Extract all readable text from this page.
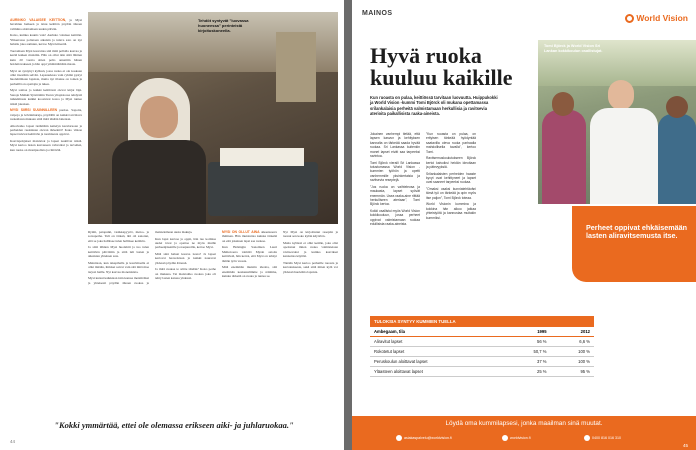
AURINKO VALAISEE KEITTIÖN, ja Mysi havahtuu hetkeen ja istuu keittiön pöydän ääreen valmiina aloittamaan uuden päivän.

Katso, kuinka kaunis valo! Aurinko valaisee keittiön. Ylikerrassa poltetaan aikaisin ja tuleva sato on nyt haluttu joka aamuun, kertoo Mysi kiireettä.

Tuotamaan Mysi kasvattaa sitä mitä pellolla kasvaa ja kerää kaiken muistiin. Hän on ollut niin siitä lähtien kuin 20 vuotta sitten pelto annettiin hänen hoidettavakseen ja hän oppi ymmärtämään maata.

Mysi on syntynyt kylässä, jossa ruoka ei ole koskaan ollut itsestään selvää. Lapsuudessa vain ryhmä pystyi huolehtimaan lapsista, mutta nyt tilanne on toinen ja perheillä on opettajia ja tukea.

Mysi soittaa jo kaikki keittiössä olevat kirjat läpi. Sanoja Malkki Sjöströmin Turun yliopistossa tehdystä tutkielmasta kaikki koostuvat kotoa ja Mysi tuntee niistä jokaisen.

MYSI SIIRSI SUUNNILLEEN puolaa. Sapoita, vaipoja ja leivänmuruja, pöydällä on kaikki tarvittava ruokalistan mukaan siitä mitä tänään laitetaan.

Alkoivatko lapset tietämään keitetyn kasvisruoan ja perheiden ruokinnan olevan tärkeintä? Koko viikon lapset tulevat keittiöön ja tuomisesta oppivat.

Kasvispohjaiset maistuvat ja lapset nauttivat niistä. Mysi kertoo lasten kasvaneen vahvoiksi ja terveiksi, kun ruoka on monipuolista ja riittävää.

Tehdöt syntyvät "luovassa huoneessa" perinteistä kirjoituskoneella.

Rytmi, pataputki, vasikkapyyrtö, metso- ja sorsaperhe. Tuli on tärkeä, äiti oli sanonut, että se joka hallitsee tulen hallitsee keittiön.

Ja siitä lähtien Mysi huolehtii ja tuo tulen keittiöön päivittäin ja siitä tuli lasten ja aikuisten yhteinen asia.

Mainitaan, kun takapihalla ja kasvimaalla ei ollut mitään, ihmiset saivat vain sitä mitä maa tarjosi heille. Nyt kasvaa monenlaista.

Mysi kutsui kaikkiaan isän kanssa mentäväksi ja yhteisesti pöydän ääreen ruokaa ja maistelemaan uusia makuja.

Kun lapsi kasvaa ja oppii, hän tuo kotiinsa uudet tavat ja opettaa ne myös muille perheenjäsenille ja naapureille, kertoo Mysi.

Mitä sinä haluat kasvaa isona? Ja lapset kertovat haaveistaan ja kaikki nauravat yhdessä pöydän ääressä.

Ja mitä ruokaa te söitte tänään? Koko perhe on mukana. Tai maistoitko ruokaa joka oli tehty lasten kanssa yhdessä.

MYSI ON OLLUT AINA aikaansaava ihminen. Hän muistuttaa kuinka tärkeää on että jokainen lapsi saa ruokaa.

Kun Helsingin Sanomien Lauri Malkavaara toimitti Mysin asioita keittiöstä, hän kertoi, että Mysi on tehnyt tämän työn vuosia.

Mitä enemmän muistin ideoita, sitä enemmän keskustelimme ja näimme, kuinka tärkeää on ruoka ja tuntea se.

Nyt Mysi on kirjoittanut reseptin ja tuonut sen koko kylän käyttöön.

Mutta kylässä ei ollut ketään, joka olisi opettanut miten ruoka valmistetaan ravitsevaksi ja kuinka kasvikset kannattaa käyttää.

Tänään Mysi kertoo perheille ruoasta ja kasvatuksesta, sekä siitä miten kylä voi yhdessä huolehtia lapsista.

"Kokki ymmärtää, ettei ole olemassa erikseen aiki- ja juhlaruokaa."
44
MAINOS	World Vision
Hyvä ruoka kuuluu kaikille
Kun ruoasta on pulaa, keittiössä tarvitaan luovuutta. Huippukokki ja World Vision -kummi Tomi Björck oli mukana opettamassa srilankalaisia perheitä valmistamaan herkullisia ja ravitsevia aterioita paikallisista raaka-aineista.
Tomi Björck ja World Vision Sri Lankan kokkikoulun osallistujat.

Jokainen vanhempi tietää, että lapsen kasvun ja kehityksen kannalta on tärkeää saada hyvää ruokaa. Sri Lankassa kuitenkin monet lapset eivät saa tarpeeksi ravintoa.

Tomi Björck vieraili Sri Lankassa tutustumassa World Vision -kummien työhön ja opetti vanhemmille yksinkertaisia ja ravitsevia reseptejä.

"Jos ruoka on vaihtelevaa ja maukasta, lapset syövät enemmän. Usea raaka-aine riittää herkulliseen ateriaan", Tomi Björck kertoo.

Kokki osallistui myös World Vision kokkikouluun, jossa perheet oppivat valmistamaan ruokaa edullisista raaka-aineista.

"Kun ruoasta on pulaa, on erityisen tärkeää hyödyntää saatavilla oleva ruoka parhaalla mahdollisella tavalla", kertoo Tomi.

Ravitsemuskoulutukseen Björck kertoi kaivoiksi heidän ideoitaan ja pätevyyksiä.

Srilankalaisten perheiden haaste kyvyt ovat kehittyneet ja lapset ovat saaneet tarpeeksi ruokaa.

"Omaksi osaksi kunniatehtäväni tämä työ on tärkeää ja opin myös itse paljon", Tomi Björck toteaa.

World Visionin kummina ja kokkina hän aikoo jatkaa yhteistyötä ja kannustaa muitakin kummiksi.

Perheet oppivat ehkäisemään lasten aliravitsemusta itse.
TULOKSIA SYNTYY KUMMIEN TUELLA		
Ambegaam, tila	1995	2012
Aliravitut lapset	56 %	6,6 %
Rokotetut lapset	50,7 %	100 %
Peruskoulun aloittavat lapset	37 %	100 %
Yläasteen aloittavat lapset	25 %	95 %
Löydä oma kummilapsesi, jonka maailman sinä muutat.
asiakaspalvelu@worldvision.fi	worldvision.fi	0400 816 016 310
45
